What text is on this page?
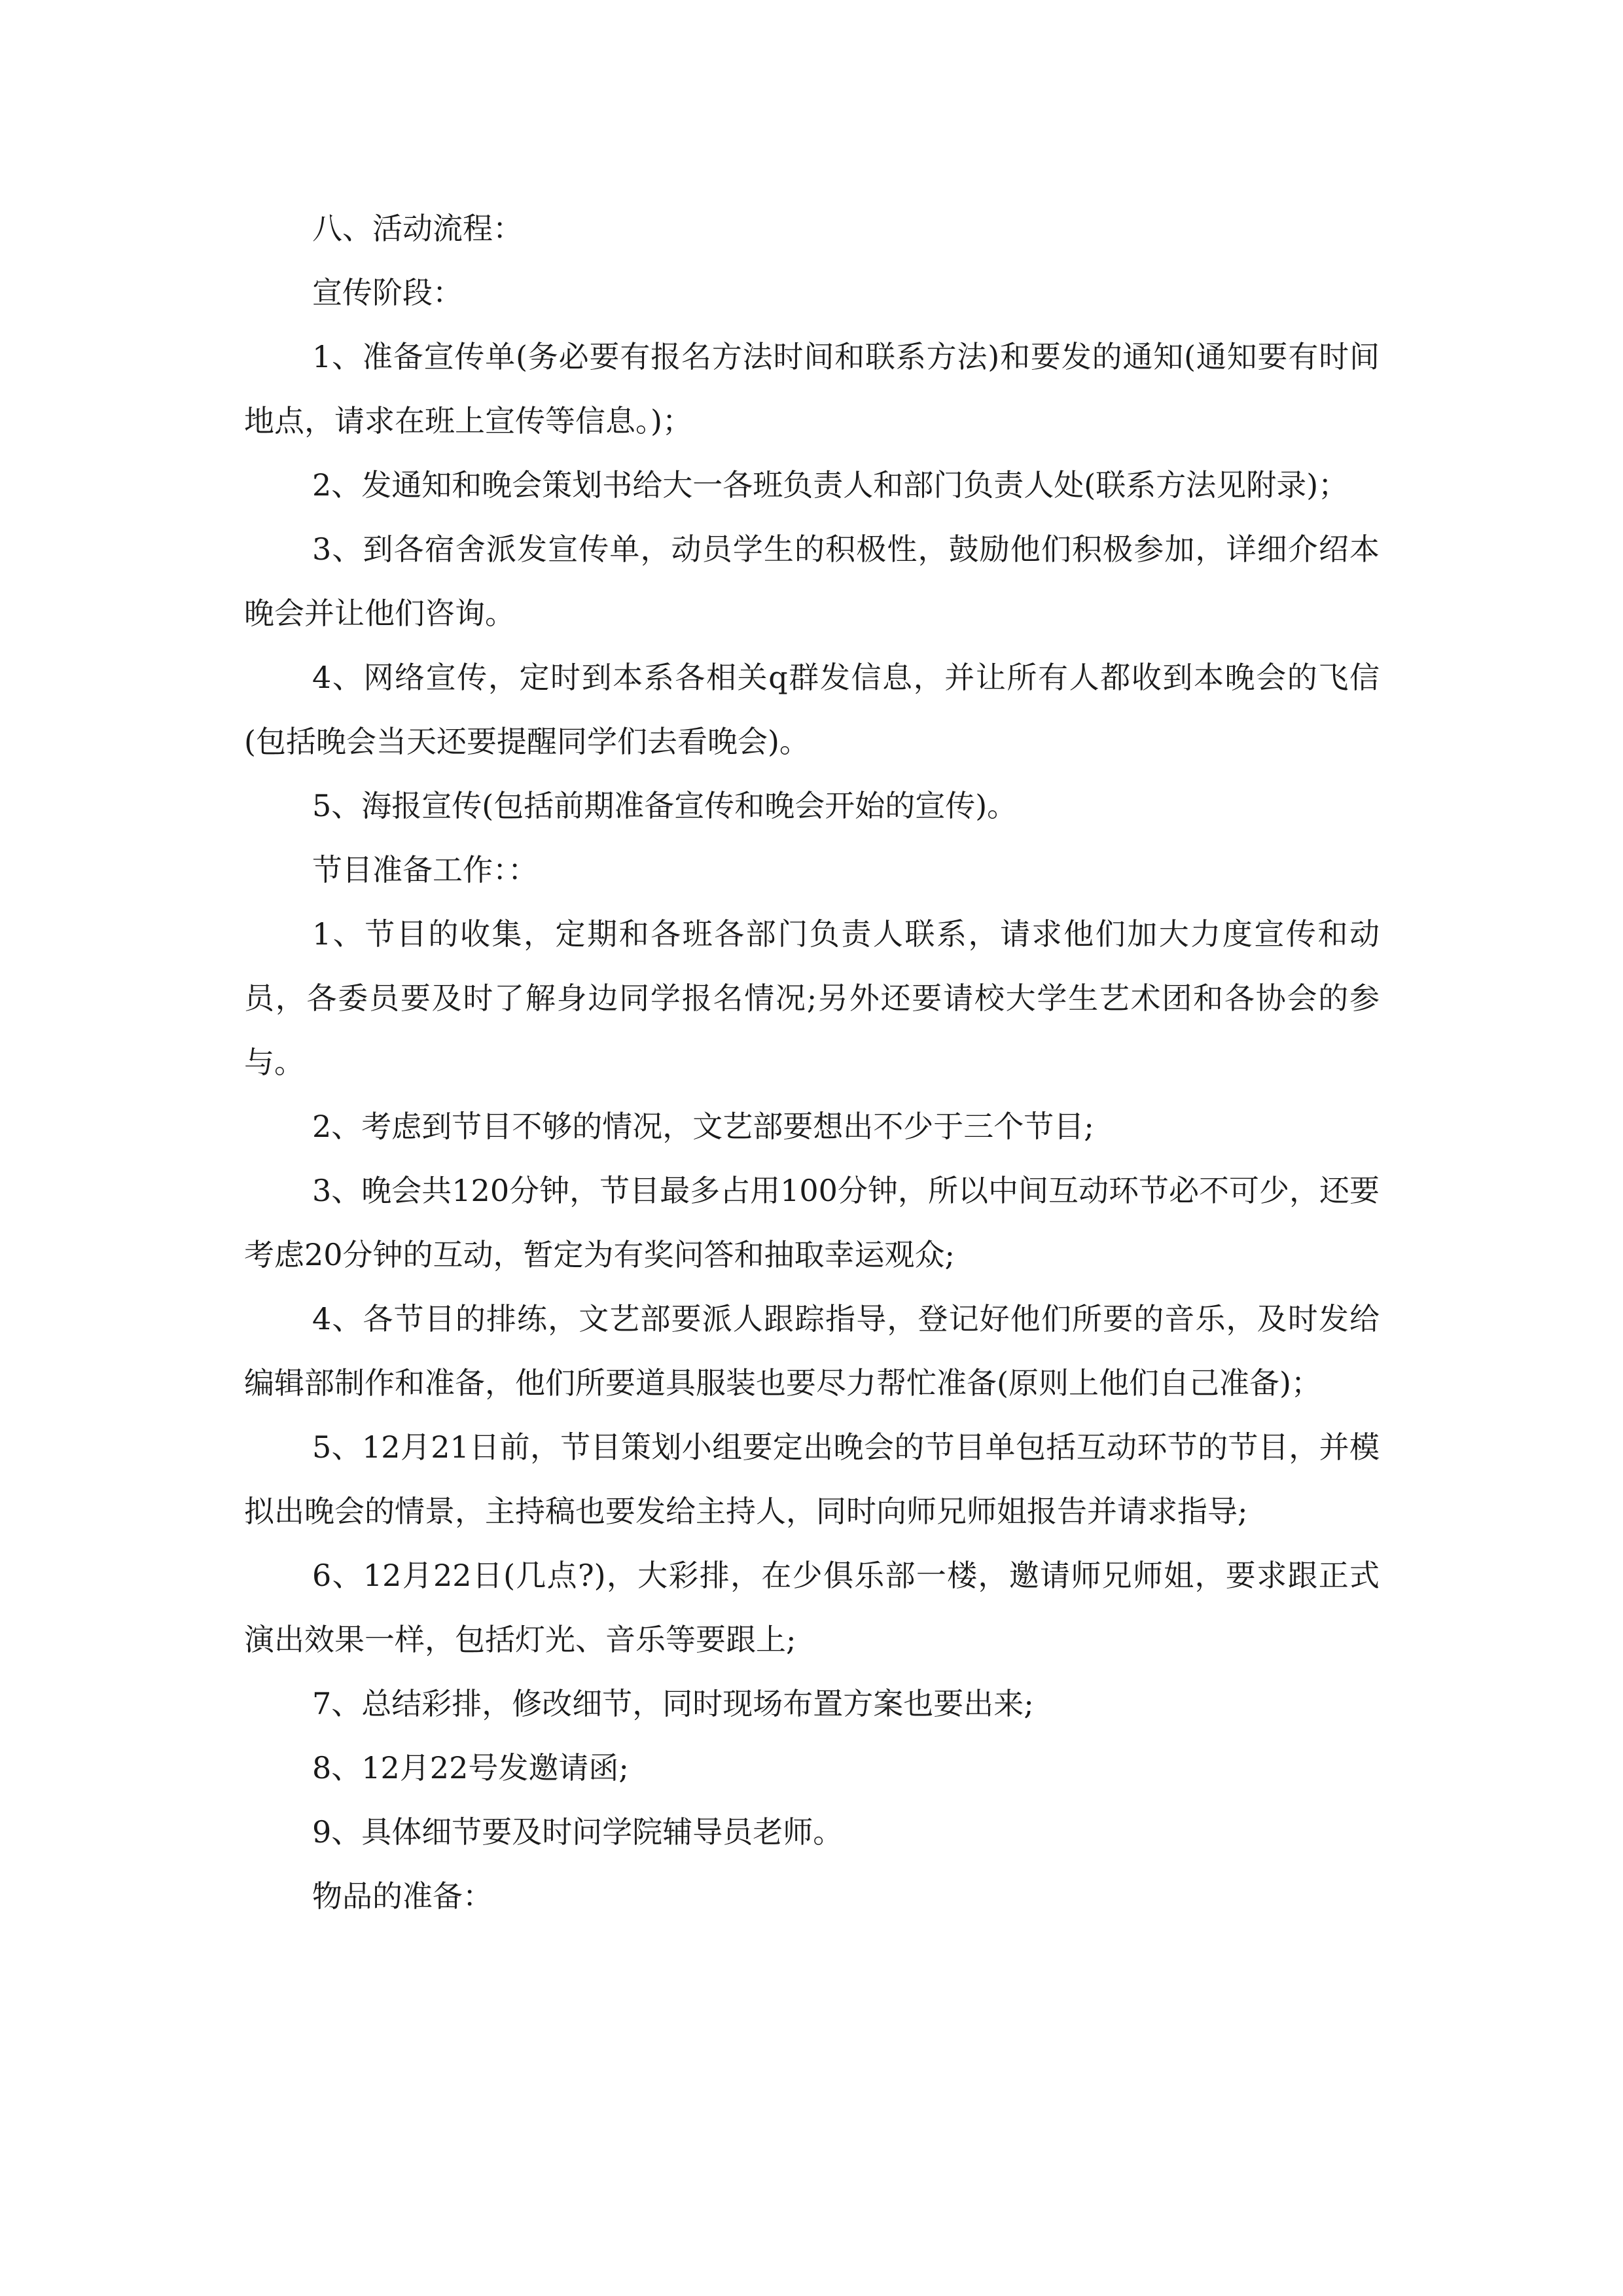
八、活动流程：

宣传阶段：

1、准备宣传单(务必要有报名方法时间和联系方法)和要发的通知(通知要有时间地点，请求在班上宣传等信息。)；

2、发通知和晚会策划书给大一各班负责人和部门负责人处(联系方法见附录)；

3、到各宿舍派发宣传单，动员学生的积极性，鼓励他们积极参加，详细介绍本晚会并让他们咨询。

4、网络宣传，定时到本系各相关q群发信息，并让所有人都收到本晚会的飞信(包括晚会当天还要提醒同学们去看晚会)。

5、海报宣传(包括前期准备宣传和晚会开始的宣传)。

节目准备工作：：

1、节目的收集，定期和各班各部门负责人联系，请求他们加大力度宣传和动员，各委员要及时了解身边同学报名情况;另外还要请校大学生艺术团和各协会的参与。

2、考虑到节目不够的情况，文艺部要想出不少于三个节目;

3、晚会共120分钟，节目最多占用100分钟，所以中间互动环节必不可少，还要考虑20分钟的互动，暂定为有奖问答和抽取幸运观众;

4、各节目的排练，文艺部要派人跟踪指导，登记好他们所要的音乐，及时发给编辑部制作和准备，他们所要道具服装也要尽力帮忙准备(原则上他们自己准备)；

5、12月21日前，节目策划小组要定出晚会的节目单包括互动环节的节目，并模拟出晚会的情景，主持稿也要发给主持人，同时向师兄师姐报告并请求指导;

6、12月22日(几点?)，大彩排，在少俱乐部一楼，邀请师兄师姐，要求跟正式演出效果一样，包括灯光、音乐等要跟上;

7、总结彩排，修改细节，同时现场布置方案也要出来;

8、12月22号发邀请函;

9、具体细节要及时问学院辅导员老师。

物品的准备：
